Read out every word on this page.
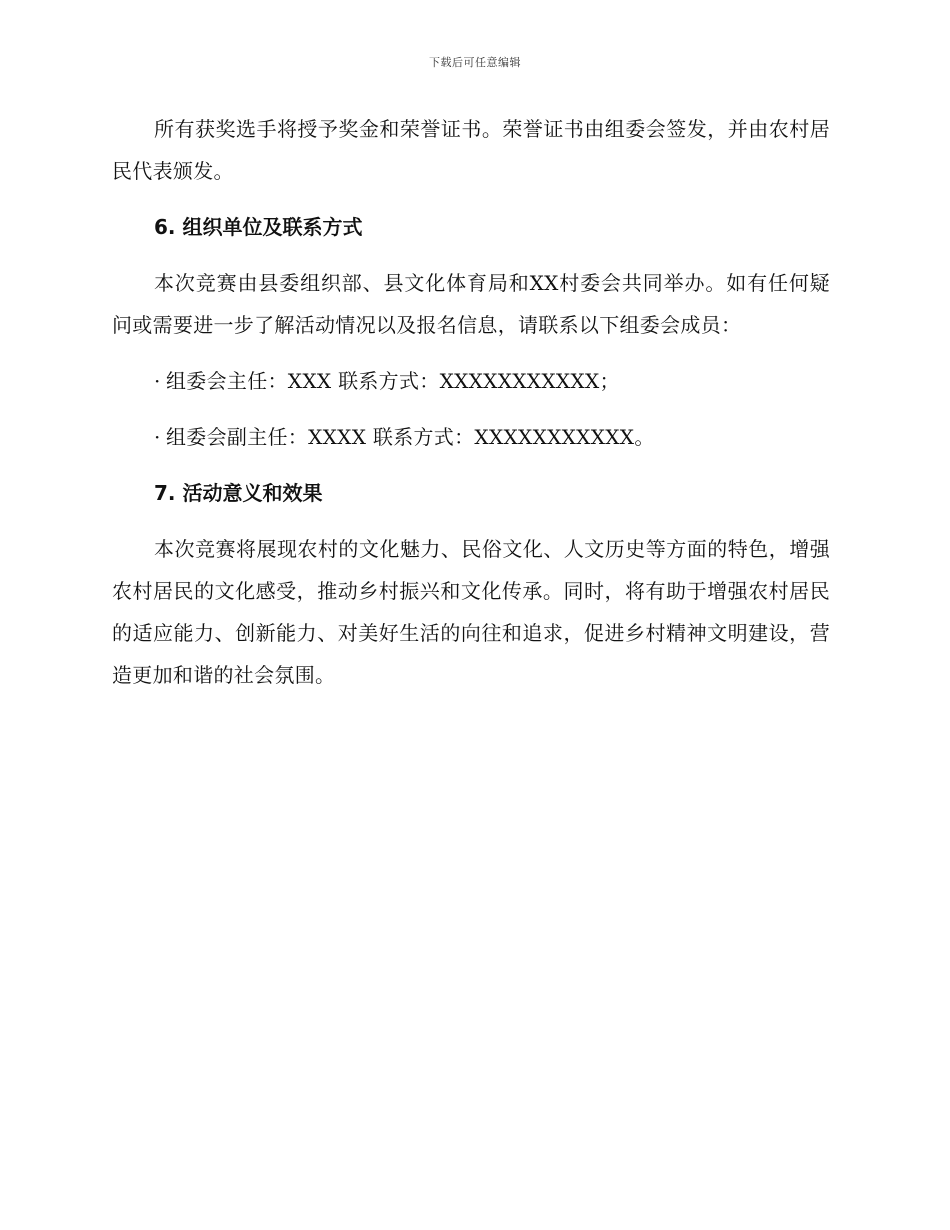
下载后可任意编辑

所有获奖选手将授予奖金和荣誉证书。荣誉证书由组委会签发，并由农村居民代表颁发。

6. 组织单位及联系方式

本次竞赛由县委组织部、县文化体育局和XX村委会共同举办。如有任何疑问或需要进一步了解活动情况以及报名信息，请联系以下组委会成员：

· 组委会主任：XXX 联系方式：XXXXXXXXXXX；
· 组委会副主任：XXXX 联系方式：XXXXXXXXXXX。
7. 活动意义和效果

本次竞赛将展现农村的文化魅力、民俗文化、人文历史等方面的特色，增强农村居民的文化感受，推动乡村振兴和文化传承。同时，将有助于增强农村居民的适应能力、创新能力、对美好生活的向往和追求，促进乡村精神文明建设，营造更加和谐的社会氛围。
